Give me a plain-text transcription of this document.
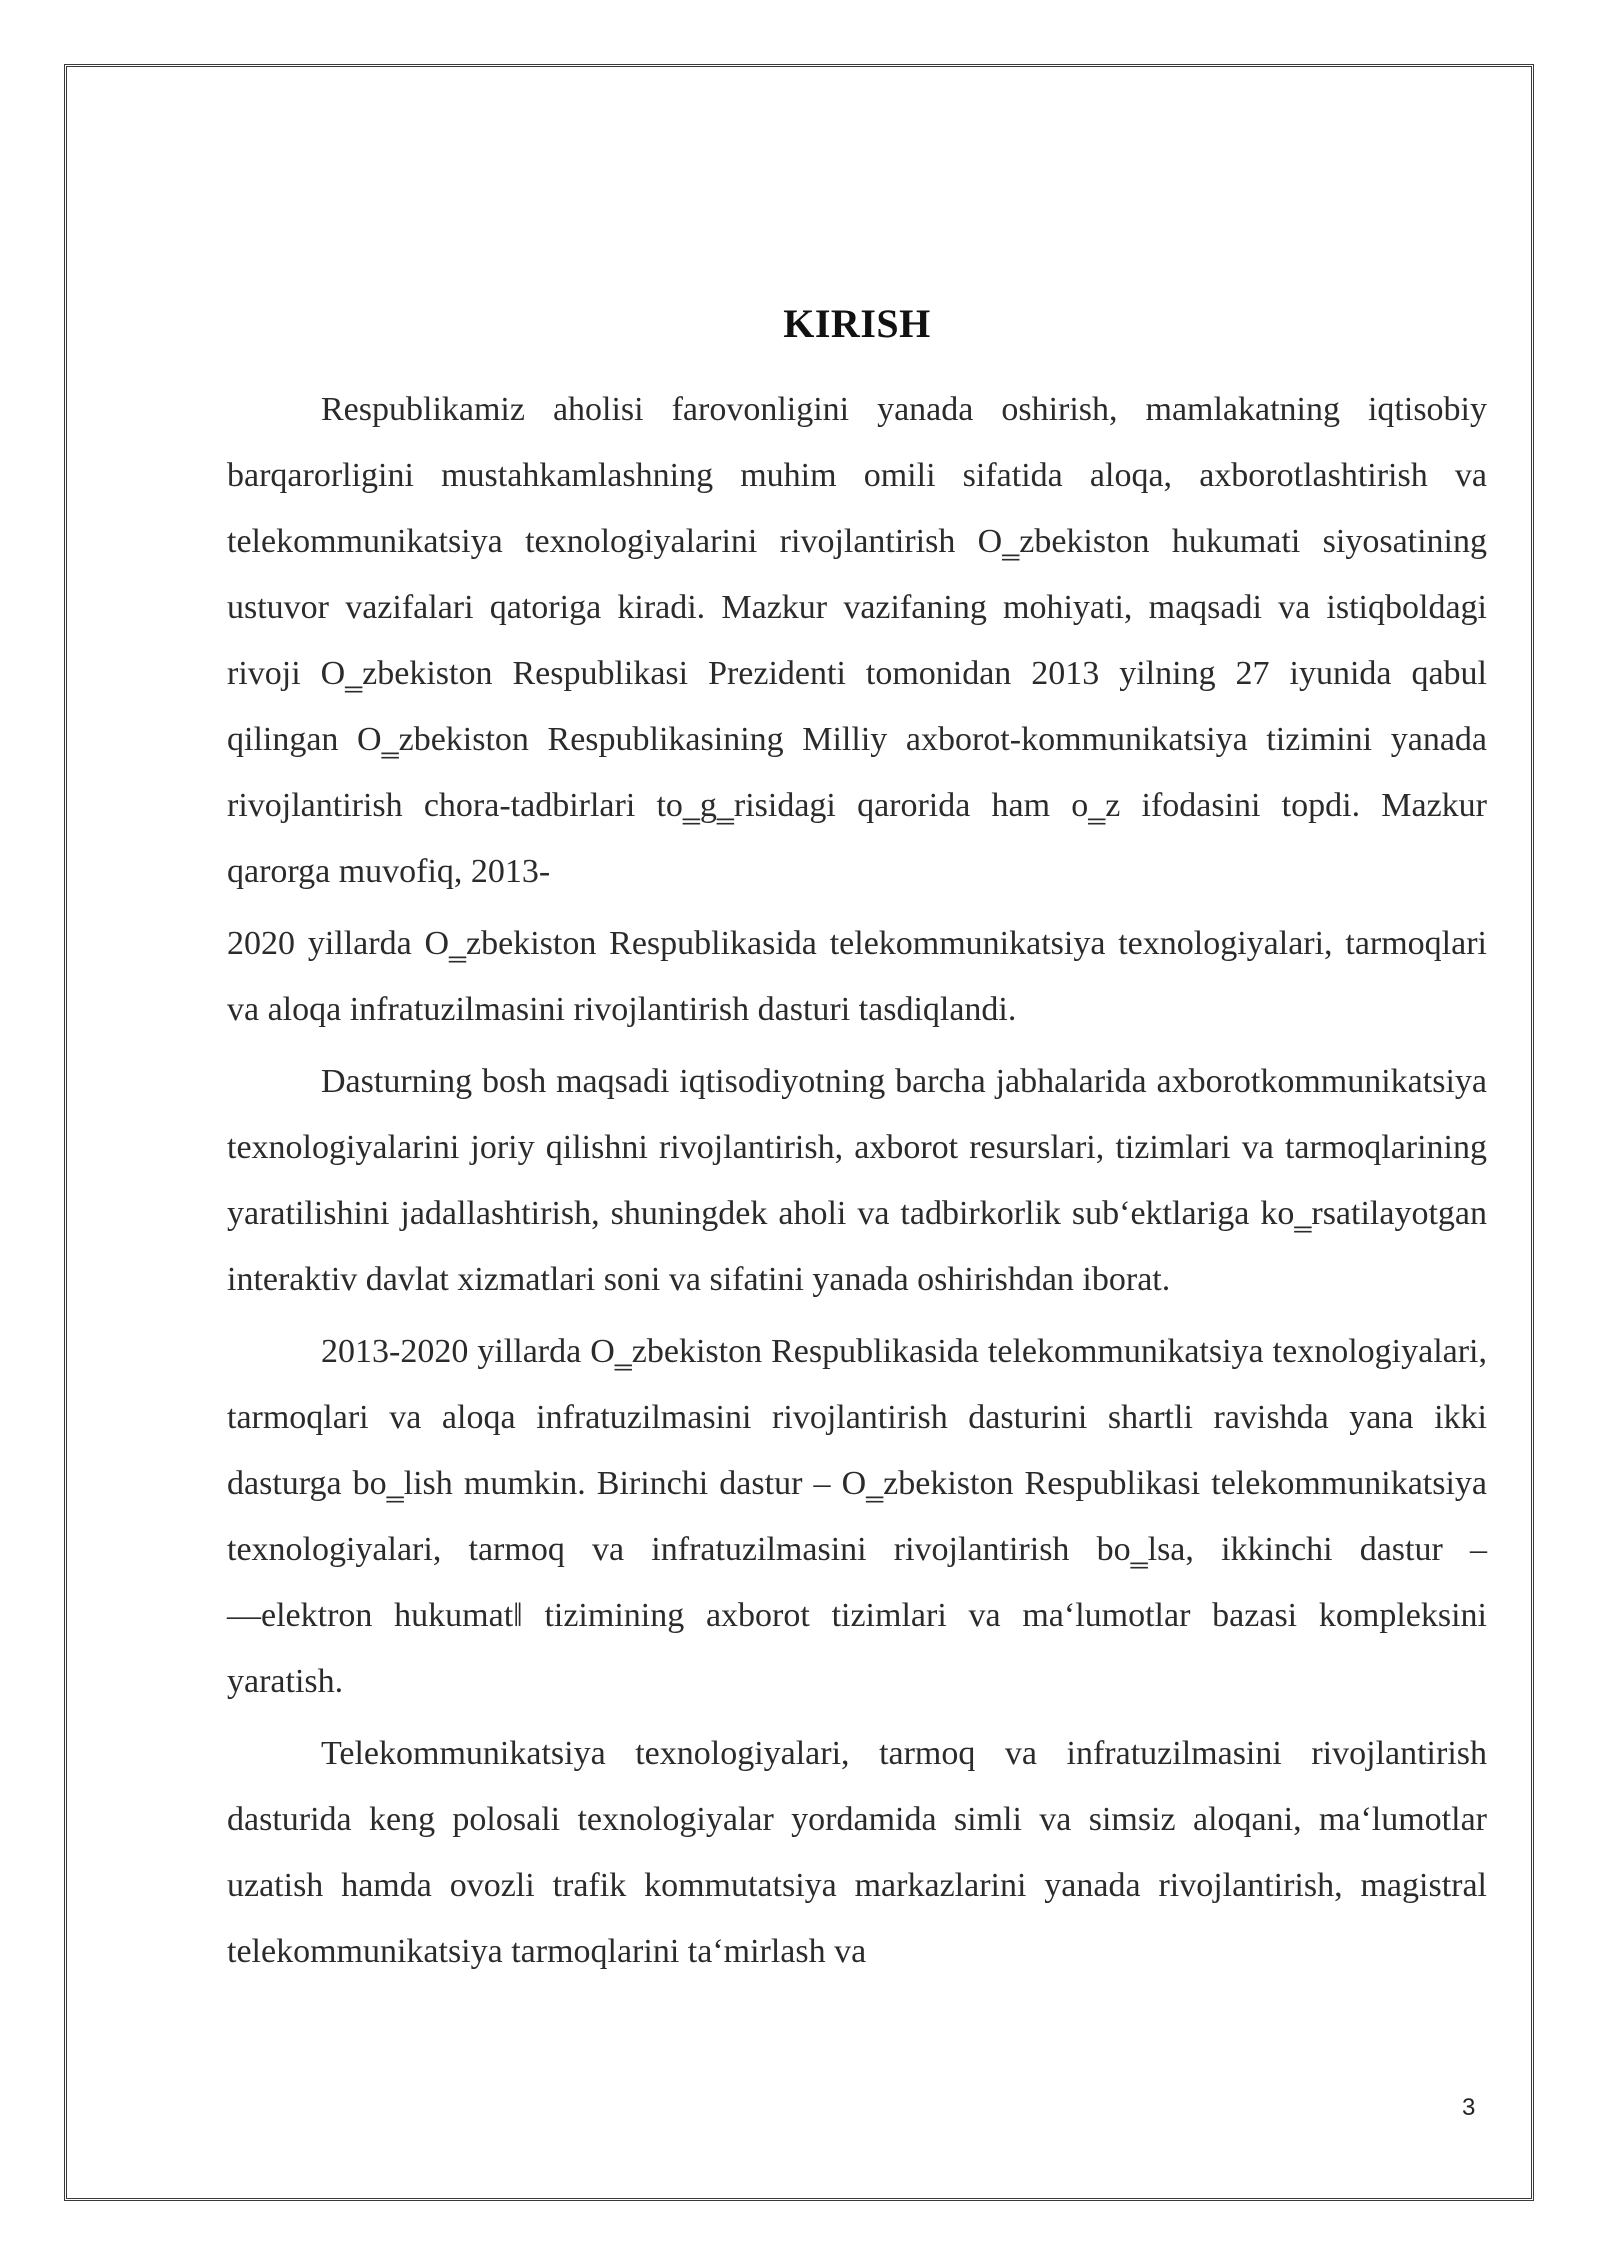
KIRISH

Respublikamiz aholisi farovonligini yanada oshirish, mamlakatning iqtisobiy barqarorligini mustahkamlashning muhim omili sifatida aloqa, axborotlashtirish va telekommunikatsiya texnologiyalarini rivojlantirish O‗zbekiston hukumati siyosatining ustuvor vazifalari qatoriga kiradi. Mazkur vazifaning mohiyati, maqsadi va istiqboldagi rivoji O‗zbekiston Respublikasi Prezidenti tomonidan 2013 yilning 27 iyunida qabul qilingan O‗zbekiston Respublikasining Milliy axborot-kommunikatsiya tizimini yanada rivojlantirish chora-tadbirlari to‗g‗risidagi qarorida ham o‗z ifodasini topdi. Mazkur qarorga muvofiq, 2013-

2020 yillarda O‗zbekiston Respublikasida telekommunikatsiya texnologiyalari, tarmoqlari va aloqa infratuzilmasini rivojlantirish dasturi tasdiqlandi.

Dasturning bosh maqsadi iqtisodiyotning barcha jabhalarida axborotkommunikatsiya texnologiyalarini joriy qilishni rivojlantirish, axborot resurslari, tizimlari va tarmoqlarining yaratilishini jadallashtirish, shuningdek aholi va tadbirkorlik sub‘ektlariga ko‗rsatilayotgan interaktiv davlat xizmatlari soni va sifatini yanada oshirishdan iborat.

2013-2020 yillarda O‗zbekiston Respublikasida telekommunikatsiya texnologiyalari, tarmoqlari va aloqa infratuzilmasini rivojlantirish dasturini shartli ravishda yana ikki dasturga bo‗lish mumkin. Birinchi dastur – O‗zbekiston Respublikasi telekommunikatsiya texnologiyalari, tarmoq va infratuzilmasini rivojlantirish bo‗lsa, ikkinchi dastur – ―elektron hukumat‖ tizimining axborot tizimlari va ma‘lumotlar bazasi kompleksini yaratish.

Telekommunikatsiya texnologiyalari, tarmoq va infratuzilmasini rivojlantirish dasturida keng polosali texnologiyalar yordamida simli va simsiz aloqani, ma‘lumotlar uzatish hamda ovozli trafik kommutatsiya markazlarini yanada rivojlantirish, magistral telekommunikatsiya tarmoqlarini ta‘mirlash va

3
